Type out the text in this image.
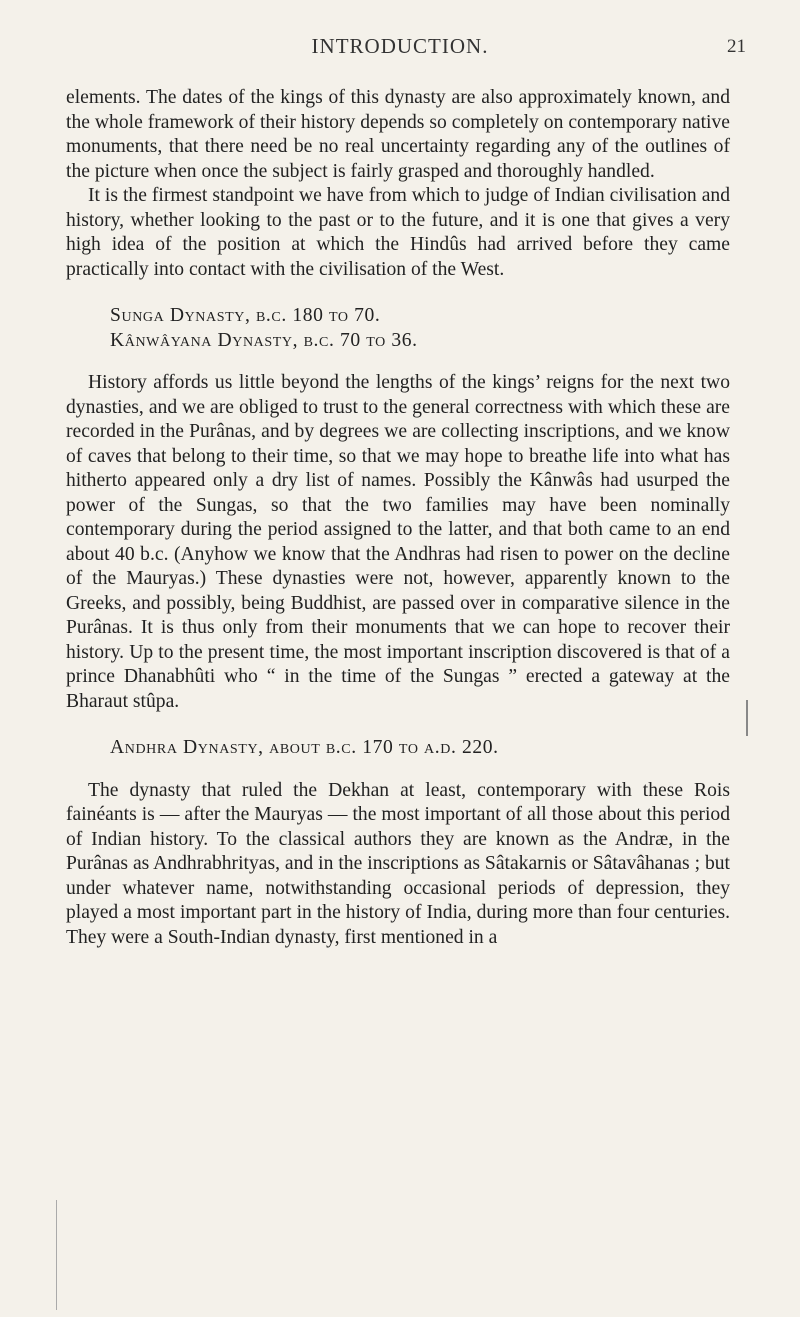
INTRODUCTION.	21

elements. The dates of the kings of this dynasty are also approximately known, and the whole framework of their history depends so completely on contemporary native monuments, that there need be no real uncertainty regarding any of the outlines of the picture when once the subject is fairly grasped and thoroughly handled.

It is the firmest standpoint we have from which to judge of Indian civilisation and history, whether looking to the past or to the future, and it is one that gives a very high idea of the position at which the Hindûs had arrived before they came practically into contact with the civilisation of the West.

Sunga Dynasty, b.c. 180 to 70.

Kânwâyana Dynasty, b.c. 70 to 36.

History affords us little beyond the lengths of the kings’ reigns for the next two dynasties, and we are obliged to trust to the general correctness with which these are recorded in the Purânas, and by degrees we are collecting inscriptions, and we know of caves that belong to their time, so that we may hope to breathe life into what has hitherto appeared only a dry list of names. Possibly the Kânwâs had usurped the power of the Sungas, so that the two families may have been nominally contemporary during the period assigned to the latter, and that both came to an end about 40 b.c. (Anyhow we know that the Andhras had risen to power on the decline of the Mauryas.) These dynasties were not, however, apparently known to the Greeks, and possibly, being Buddhist, are passed over in comparative silence in the Purânas. It is thus only from their monuments that we can hope to recover their history. Up to the present time, the most important inscription discovered is that of a prince Dhanabhûti who “ in the time of the Sungas ” erected a gateway at the Bharaut stûpa.

Andhra Dynasty, about b.c. 170 to a.d. 220.

The dynasty that ruled the Dekhan at least, contemporary with these Rois fainéants is — after the Mauryas — the most important of all those about this period of Indian history. To the classical authors they are known as the Andræ, in the Purânas as Andhrabhrityas, and in the inscriptions as Sâtakarnis or Sâtavâhanas ; but under whatever name, notwithstanding occasional periods of depression, they played a most important part in the history of India, during more than four centuries. They were a South-Indian dynasty, first mentioned in a
